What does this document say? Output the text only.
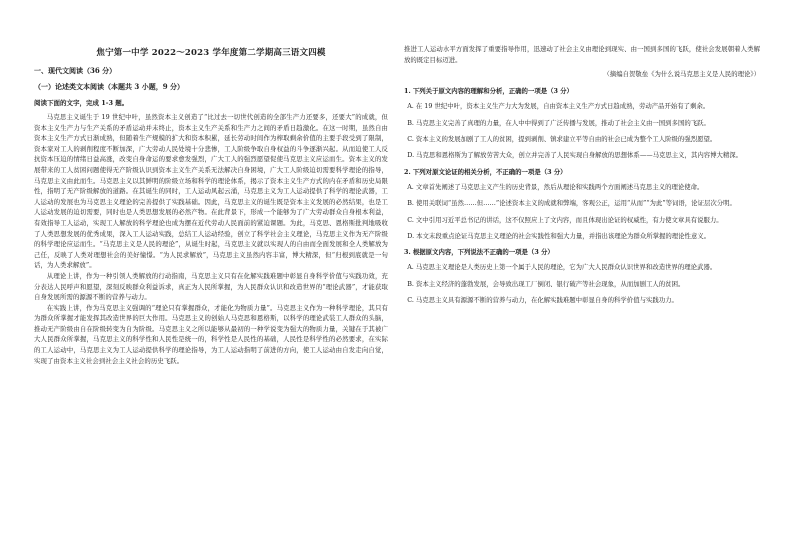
焦宁第一中学 2022～2023 学年度第二学期高三语文四模
一、现代文阅读（36 分）
（一）论述类文本阅读（本题共 3 小题，9 分）
阅读下面的文字，完成 1-3 题。

马克思主义诞生于 19 世纪中叶，虽然资本主义创造了“比过去一切世代创造的全部生产力还要多，还要大”的成就，但资本主义生产力与生产关系的矛盾运动并未终止，资本主义生产关系和生产力之间的矛盾日趋激化。在这一时期，虽然自由资本主义生产方式日渐成熟，但随着生产规模的扩大和资本积累，延长劳动时间作为榨取剩余价值的主要手段受到了限制，资本家对工人的剥削程度不断加深，广大劳动人民处境十分悲惨，工人阶级争取自身权益的斗争逐渐兴起。从而迫使工人反抗资本压迫的情绪日益高涨，改变自身命运的要求愈发强烈，广大工人的强烈愿望促使马克思主义应运而生。资本主义的发展带来的工人贫困问题使得无产阶级认识到资本主义生产关系无法解决自身困境，广大工人阶级迫切需要科学理论的指导，马克思主义由此而生。马克思主义以其鲜明的阶级立场和科学的理论体系，揭示了资本主义生产方式的内在矛盾和历史局限性，指明了无产阶级解放的道路。在其诞生的同时，工人运动风起云涌，马克思主义为工人运动提供了科学的理论武器，工人运动的发展也为马克思主义理论的完善提供了实践基础。因此，马克思主义的诞生既是资本主义发展的必然结果，也是工人运动发展的迫切需要，同时也是人类思想发展的必然产物。在此背景下，形成一个能够为了广大劳动群众自身根本利益，有效指导工人运动，实现工人解放的科学理论也成为摆在近代劳动人民面前的紧迫课题。为此，马克思、恩格斯批判地吸收了人类思想发展的优秀成果，深入工人运动实践，总结工人运动经验，创立了科学社会主义理论，马克思主义作为无产阶级的科学理论应运而生。“马克思主义是人民的理论”，从诞生时起，马克思主义就以实现人的自由而全面发展和全人类解放为己任，反映了人类对理想社会的美好憧憬。“为人民求解放”，马克思主义虽然内容丰富，博大精深，但“归根到底就是一句话，为人类求解放”。

从理论上讲，作为一种引领人类解放的行动指南，马克思主义只有在化解实践难题中彰显自身科学价值与实践功效，充分表达人民呼声和愿望，深刻反映群众利益诉求，真正为人民所掌握，为人民群众认识和改造世界的“理论武器”，才能获取自身发展所需的源源不断的营养与动力。

在实践上讲，作为马克思主义强调的“理论只有掌握群众，才能化为物质力量”。马克思主义作为一种科学理论，其只有为群众所掌握才能发挥其改造世界的巨大作用。马克思主义的创始人马克思和恩格斯，以科学的理论武装工人群众的头脑，推动无产阶级由自在阶级转变为自为阶级。马克思主义之所以能够从最初的一种学说变为强大的物质力量，关键在于其被广大人民群众所掌握，马克思主义的科学性和人民性是统一的，科学性是人民性的基础，人民性是科学性的必然要求，在实际的工人运动中，马克思主义为工人运动提供科学的理论指导，为工人运动指明了前进的方向，使工人运动由自发走向自觉，实现了由资本主义社会到社会主义社会的历史飞跃。

推进工人运动水平方面发挥了重要指导作用，迅速动了社会主义由理论到现实、由一国到多国的飞跃，使社会发展朝着人类解放的既定目标迈进。

（摘编自贺敬垒《为什么说马克思主义是人民的理论》）
1. 下列关于原文内容的理解和分析，正确的一项是（3 分）
A. 在 19 世纪中叶，资本主义生产力大为发展，自由资本主义生产方式日趋成熟，劳动产品开始有了剩余。
B. 马克思主义完善了真理的力量，在人中中得到了广泛传播与发展，推动了社会主义由一国到多国的飞跃。
C. 资本主义的发展加剧了工人的贫困，提到剥削、镇求建立平等自由的社会已成为整个工人阶级的强烈愿望。
D. 马克思和恩格斯为了解放劳苦大众，创立并完善了人民实现自身解放的思想体系——马克思主义，其内容博大精深。
2. 下列对原文论证的相关分析，不正确的一项是（3 分）
A. 文章首先阐述了马克思主义产生的历史背景，然后从理论和实践两个方面阐述马克思主义的理论使命。
B. 使用关联词“虽然……但……”论述资本主义的成就和弊端，客观公正，运用“从而”“为此”等词语，论证层次分明。
C. 文中引用习近平总书记的讲话，这不仅照应上了文内容，而且体现出论证的权威性，有力使文章具有说服力。
D. 本文末段重点论证马克思主义理论的社会实践性和强大力量，并指出该理论为群众所掌握的理论性意义。
3. 根据原文内容，下列说法不正确的一项是（3 分）
A. 马克思主义理论是人类历史上第一个属于人民的理论，它为广大人民群众认识世界和改造世界的理论武器。
B. 资本主义经济的蓬勃发展，会导致出现工厂倒闭、银行破产等社会现象，从而加剧工人的贫困。
C. 马克思主义具有源源不断的营养与动力，在化解实践难题中彰显自身的科学价值与实践功力。
